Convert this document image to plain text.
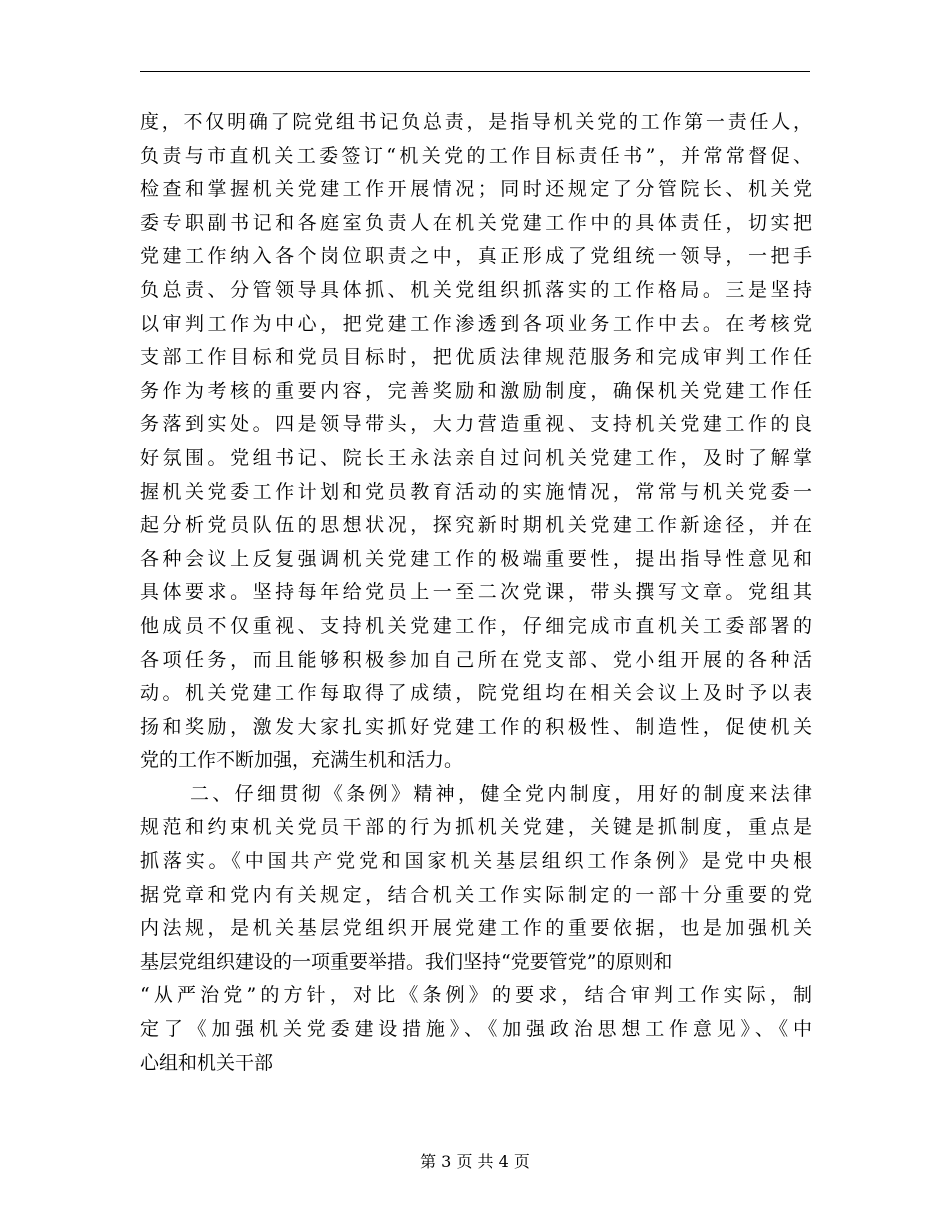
度，不仅明确了院党组书记负总责，是指导机关党的工作第一责任人，
负责与市直机关工委签订“机关党的工作目标责任书”，并常常督促、
检查和掌握机关党建工作开展情况；同时还规定了分管院长、机关党
委专职副书记和各庭室负责人在机关党建工作中的具体责任，切实把
党建工作纳入各个岗位职责之中，真正形成了党组统一领导，一把手
负总责、分管领导具体抓、机关党组织抓落实的工作格局。三是坚持
以审判工作为中心，把党建工作渗透到各项业务工作中去。在考核党
支部工作目标和党员目标时，把优质法律规范服务和完成审判工作任
务作为考核的重要内容，完善奖励和激励制度，确保机关党建工作任
务落到实处。四是领导带头，大力营造重视、支持机关党建工作的良
好氛围。党组书记、院长王永法亲自过问机关党建工作，及时了解掌
握机关党委工作计划和党员教育活动的实施情况，常常与机关党委一
起分析党员队伍的思想状况，探究新时期机关党建工作新途径，并在
各种会议上反复强调机关党建工作的极端重要性，提出指导性意见和
具体要求。坚持每年给党员上一至二次党课，带头撰写文章。党组其
他成员不仅重视、支持机关党建工作，仔细完成市直机关工委部署的
各项任务，而且能够积极参加自己所在党支部、党小组开展的各种活
动。机关党建工作每取得了成绩，院党组均在相关会议上及时予以表
扬和奖励，激发大家扎实抓好党建工作的积极性、制造性，促使机关
党的工作不断加强，充满生机和活力。
二、仔细贯彻《条例》精神，健全党内制度，用好的制度来法律
规范和约束机关党员干部的行为抓机关党建，关键是抓制度，重点是
抓落实。《中国共产党党和国家机关基层组织工作条例》是党中央根
据党章和党内有关规定，结合机关工作实际制定的一部十分重要的党
内法规，是机关基层党组织开展党建工作的重要依据，也是加强机关
基层党组织建设的一项重要举措。我们坚持“党要管党”的原则和
“从严治党”的方针，对比《条例》的要求，结合审判工作实际，制
定了《加强机关党委建设措施》、《加强政治思想工作意见》、《中
心组和机关干部
第 3 页 共 4 页
